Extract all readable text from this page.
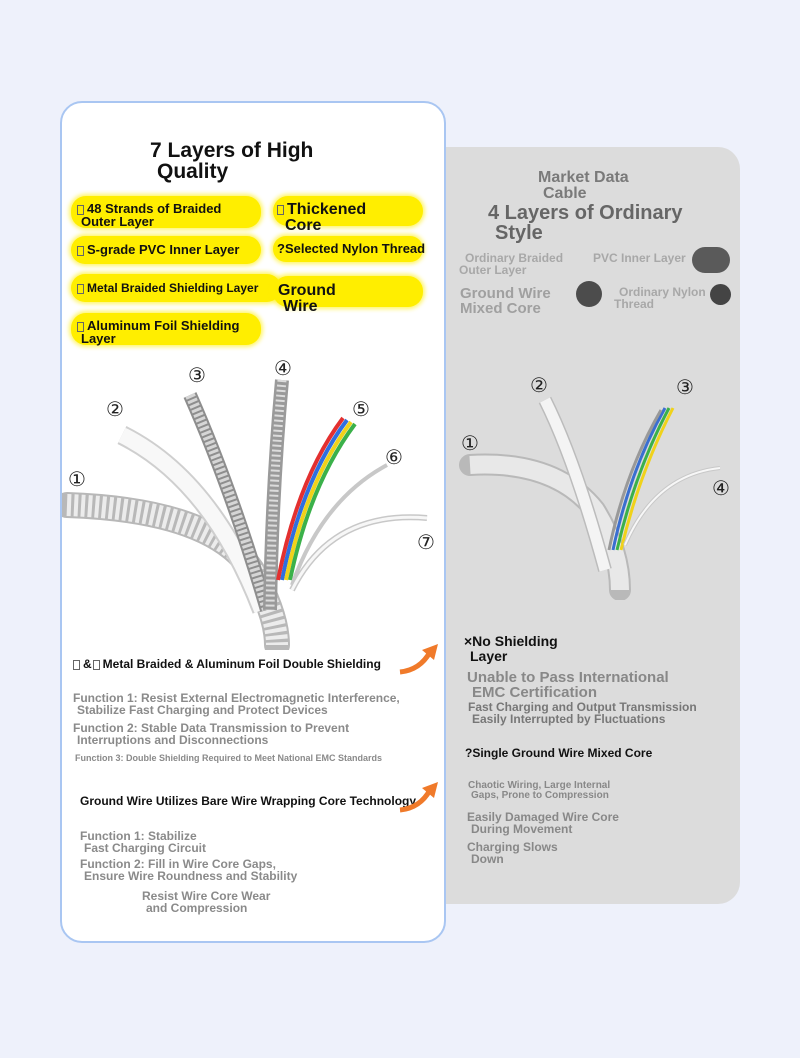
Market Data
Cable
4 Layers of Ordinary
Style
Ordinary Braided
Outer Layer
PVC Inner Layer
Ground Wire
Mixed Core
Ordinary Nylon
Thread
①
②	③
④
×No Shielding
Layer
Unable to Pass International
EMC Certification
Fast Charging and Output Transmission
Easily Interrupted by Fluctuations
?Single Ground Wire Mixed Core
Chaotic Wiring, Large Internal
Gaps, Prone to Compression
Easily Damaged Wire Core
During Movement
Charging Slows
Down
7 Layers of High
Quality
48 Strands of Braided
Outer Layer
Thickened
Core
S-grade PVC Inner Layer	?Selected Nylon Thread
Metal Braided Shielding Layer	Ground
Wire
Aluminum Foil Shielding
Layer
①
②
③	④
⑤
⑥
⑦
& Metal Braided & Aluminum Foil Double Shielding
Function 1: Resist External Electromagnetic Interference,
Stabilize Fast Charging and Protect Devices
Function 2: Stable Data Transmission to Prevent
Interruptions and Disconnections
Function 3: Double Shielding Required to Meet National EMC Standards
Ground Wire Utilizes Bare Wire Wrapping Core Technology
Function 1: Stabilize
Fast Charging Circuit
Function 2: Fill in Wire Core Gaps,
Ensure Wire Roundness and Stability
Resist Wire Core Wear
and Compression
